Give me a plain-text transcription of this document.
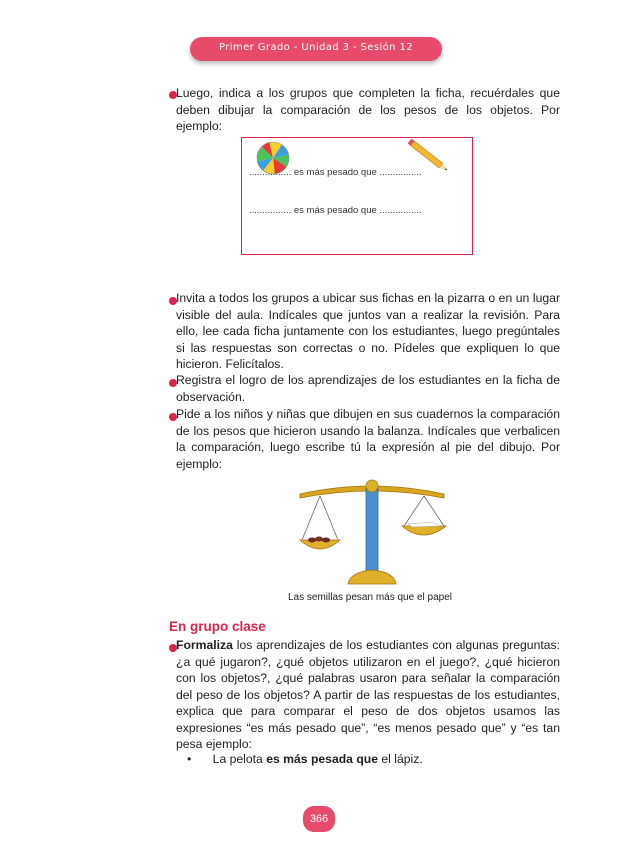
Primer Grado - Unidad 3 - Sesión 12

Luego, indica a los grupos que completen la ficha, recuérdales que deben dibujar la comparación de los pesos de los objetos. Por ejemplo:

................ es más pesado que ................
................ es más pesado que ................

Invita a todos los grupos a ubicar sus fichas en la pizarra o en un lugar visible del aula. Indícales que juntos van a realizar la revisión. Para ello, lee cada ficha juntamente con los estudiantes, luego pregúntales si las respuestas son correctas o no. Pídeles que expliquen lo que hicieron. Felicítalos.

Registra el logro de los aprendizajes de los estudiantes en la ficha de observación.

Pide a los niños y niñas que dibujen en sus cuadernos la comparación de los pesos que hicieron usando la balanza. Indícales que verbalicen la comparación, luego escribe tú la expresión al pie del dibujo. Por ejemplo:

Las semillas pesan más que el papel
En grupo clase

Formaliza los aprendizajes de los estudiantes con algunas preguntas: ¿a qué jugaron?, ¿qué objetos utilizaron en el juego?, ¿qué hicieron con los objetos?, ¿qué palabras usaron para señalar la comparación del peso de los objetos? A partir de las respuestas de los estudiantes, explica que para comparar el peso de dos objetos usamos las expresiones “es más pesado que”, “es menos pesado que” y “es tan pesa ejemplo:

• La pelota es más pesada que el lápiz.
366
